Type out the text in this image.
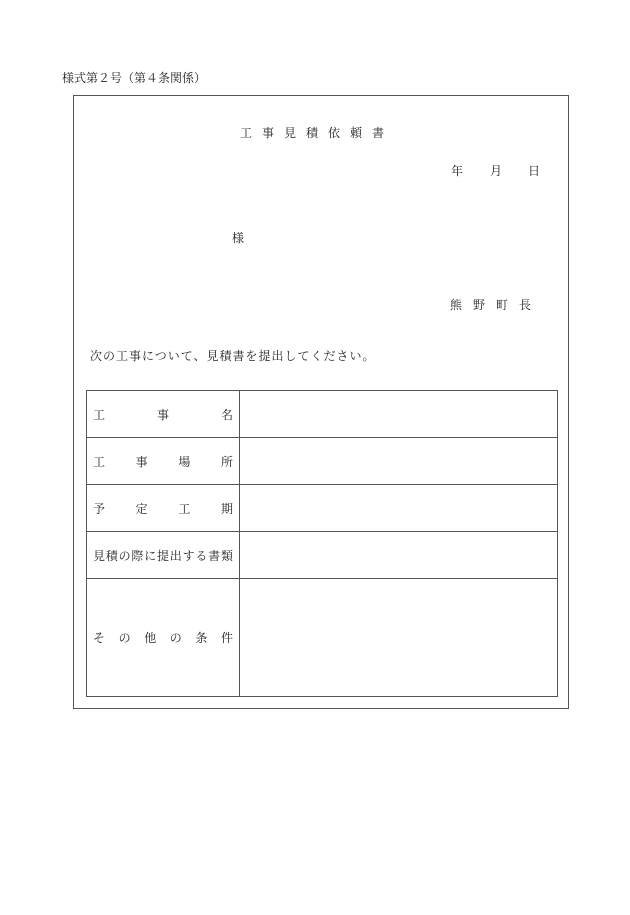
様式第２号（第４条関係）
工事見積依頼書
年 月 日
様
熊野町長
次の工事について、見積書を提出してください。
工事名	
工事場所	
予定工期	
見積の際に提出する書類	
その他の条件	
